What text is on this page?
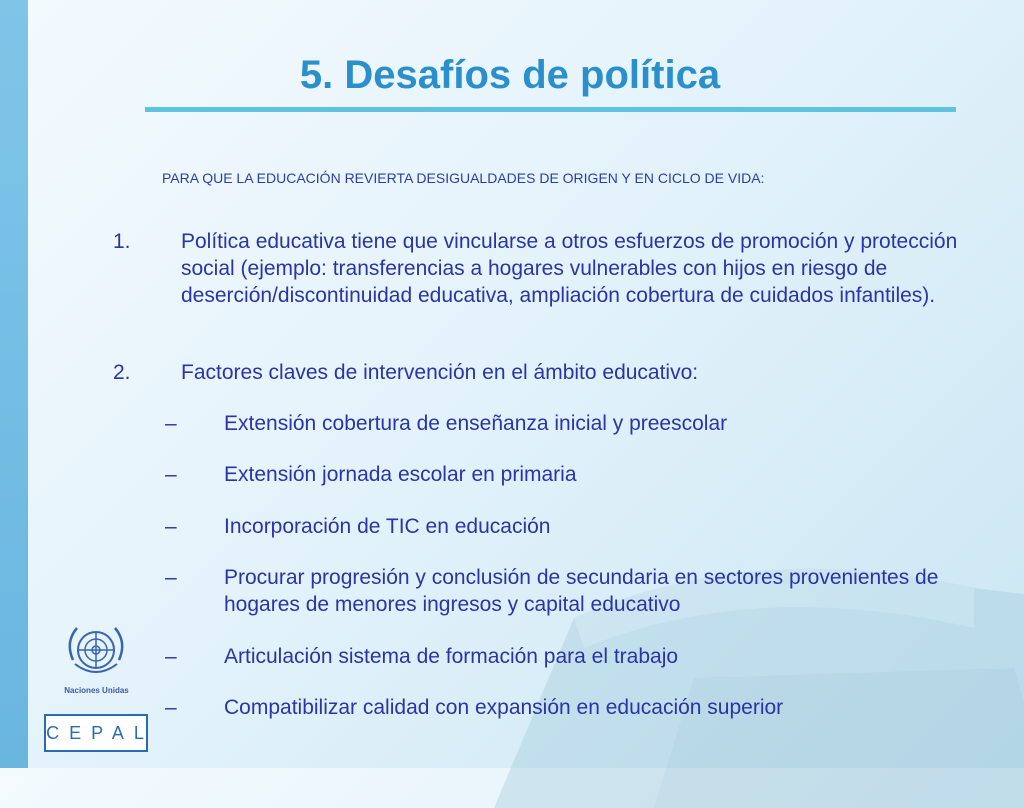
5. Desafíos de política

PARA QUE LA EDUCACIÓN REVIERTA DESIGUALDADES DE ORIGEN Y EN CICLO DE VIDA:

1. Política educativa tiene que vincularse a otros esfuerzos de promoción y protección social (ejemplo: transferencias a hogares vulnerables con hijos en riesgo de deserción/discontinuidad educativa, ampliación cobertura de cuidados infantiles).
2. Factores claves de intervención en el ámbito educativo:
– Extensión cobertura de enseñanza inicial y preescolar
– Extensión jornada escolar en primaria
– Incorporación de TIC en educación
– Procurar progresión y conclusión de secundaria en sectores provenientes de hogares de menores ingresos y capital educativo
– Articulación sistema de formación para el trabajo
– Compatibilizar calidad con expansión en educación superior
Naciones Unidas
CEPAL
